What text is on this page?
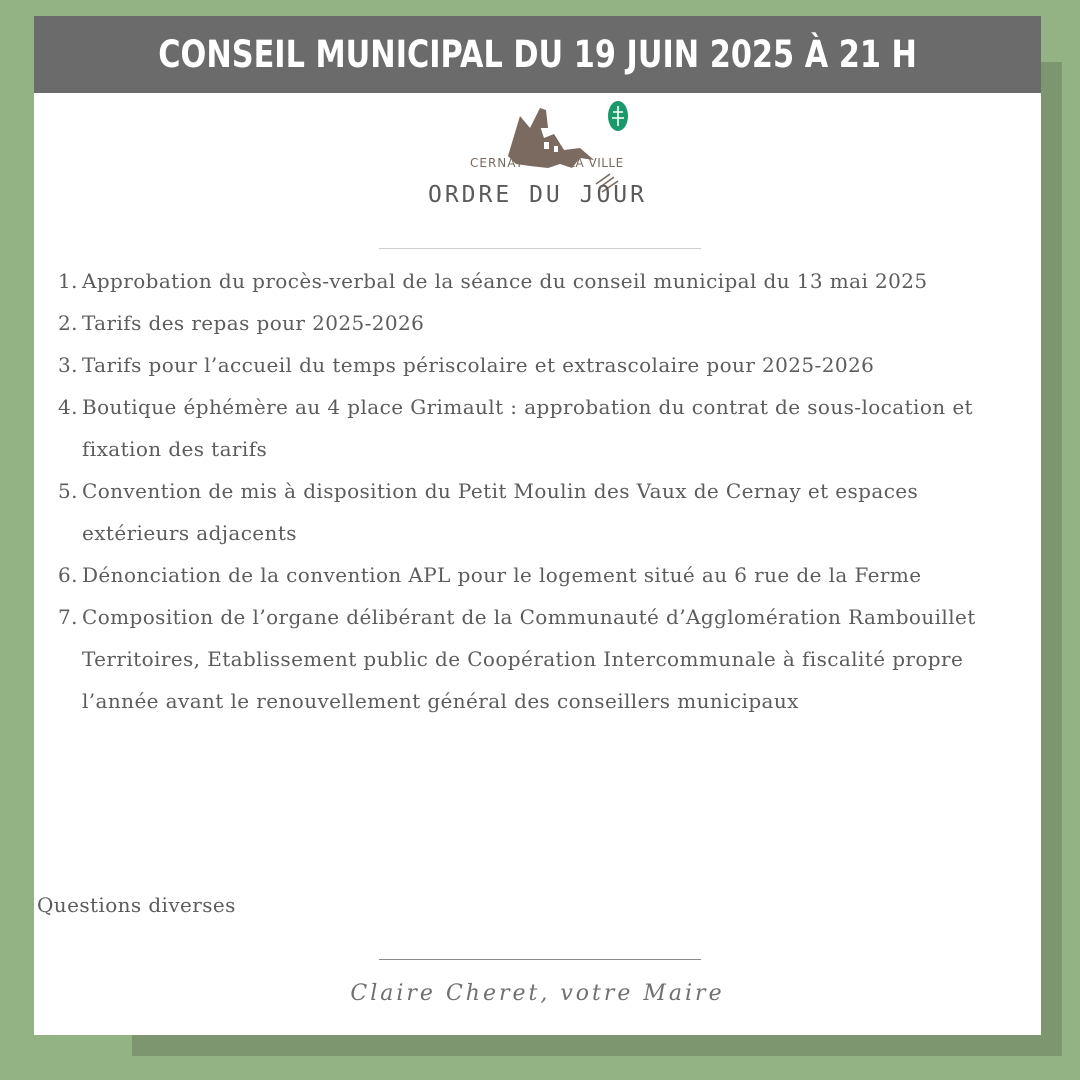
CONSEIL MUNICIPAL DU 19 JUIN 2025 À 21 H
CERNAY	LA VILLE
ORDRE DU JOUR
1. Approbation du procès-verbal de la séance du conseil municipal du 13 mai 2025
2. Tarifs des repas pour 2025-2026
3. Tarifs pour l’accueil du temps périscolaire et extrascolaire pour 2025-2026
4. Boutique éphémère au 4 place Grimault : approbation du contrat de sous-location et fixation des tarifs
5. Convention de mis à disposition du Petit Moulin des Vaux de Cernay et espaces extérieurs adjacents
6. Dénonciation de la convention APL pour le logement situé au 6 rue de la Ferme
7. Composition de l’organe délibérant de la Communauté d’Agglomération Rambouillet Territoires, Etablissement public de Coopération Intercommunale à fiscalité propre l’année avant le renouvellement général des conseillers municipaux
Questions diverses
Claire Cheret, votre Maire
